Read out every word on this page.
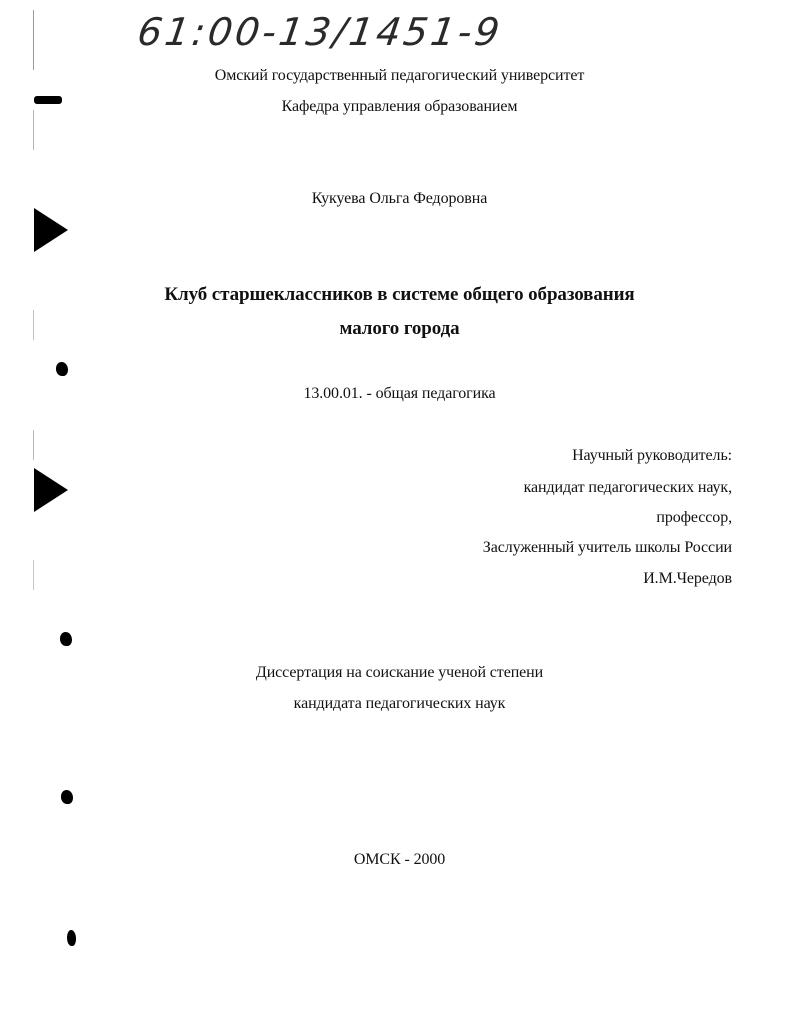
61:00-13/1451-9
Омский государственный педагогический университет
Кафедра управления образованием
Кукуева Ольга Федоровна
Клуб старшеклассников в системе общего образования
малого города
13.00.01. - общая педагогика
Научный руководитель:
кандидат педагогических наук,
профессор,
Заслуженный учитель школы России
И.М.Чередов
Диссертация на соискание ученой степени
кандидата педагогических наук
ОМСК - 2000
